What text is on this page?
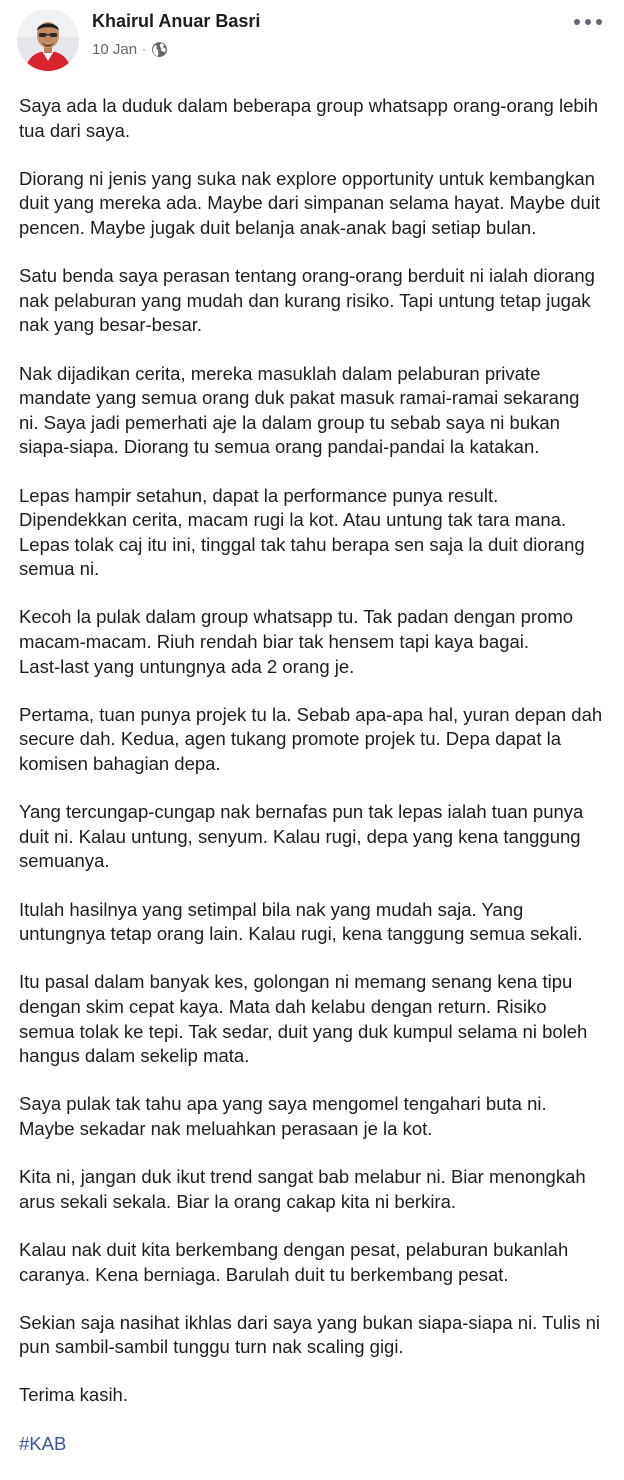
Khairul Anuar Basri
10 Jan ·

Saya ada la duduk dalam beberapa group whatsapp orang-orang lebih
tua dari saya.

Diorang ni jenis yang suka nak explore opportunity untuk kembangkan
duit yang mereka ada. Maybe dari simpanan selama hayat. Maybe duit
pencen. Maybe jugak duit belanja anak-anak bagi setiap bulan.

Satu benda saya perasan tentang orang-orang berduit ni ialah diorang
nak pelaburan yang mudah dan kurang risiko. Tapi untung tetap jugak
nak yang besar-besar.

Nak dijadikan cerita, mereka masuklah dalam pelaburan private
mandate yang semua orang duk pakat masuk ramai-ramai sekarang
ni. Saya jadi pemerhati aje la dalam group tu sebab saya ni bukan
siapa-siapa. Diorang tu semua orang pandai-pandai la katakan.

Lepas hampir setahun, dapat la performance punya result.
Dipendekkan cerita, macam rugi la kot. Atau untung tak tara mana.
Lepas tolak caj itu ini, tinggal tak tahu berapa sen saja la duit diorang
semua ni.

Kecoh la pulak dalam group whatsapp tu. Tak padan dengan promo
macam-macam. Riuh rendah biar tak hensem tapi kaya bagai.
Last-last yang untungnya ada 2 orang je.

Pertama, tuan punya projek tu la. Sebab apa-apa hal, yuran depan dah
secure dah. Kedua, agen tukang promote projek tu. Depa dapat la
komisen bahagian depa.

Yang tercungap-cungap nak bernafas pun tak lepas ialah tuan punya
duit ni. Kalau untung, senyum. Kalau rugi, depa yang kena tanggung
semuanya.

Itulah hasilnya yang setimpal bila nak yang mudah saja. Yang
untungnya tetap orang lain. Kalau rugi, kena tanggung semua sekali.

Itu pasal dalam banyak kes, golongan ni memang senang kena tipu
dengan skim cepat kaya. Mata dah kelabu dengan return. Risiko
semua tolak ke tepi. Tak sedar, duit yang duk kumpul selama ni boleh
hangus dalam sekelip mata.

Saya pulak tak tahu apa yang saya mengomel tengahari buta ni.
Maybe sekadar nak meluahkan perasaan je la kot.

Kita ni, jangan duk ikut trend sangat bab melabur ni. Biar menongkah
arus sekali sekala. Biar la orang cakap kita ni berkira.

Kalau nak duit kita berkembang dengan pesat, pelaburan bukanlah
caranya. Kena berniaga. Barulah duit tu berkembang pesat.

Sekian saja nasihat ikhlas dari saya yang bukan siapa-siapa ni. Tulis ni
pun sambil-sambil tunggu turn nak scaling gigi.

Terima kasih.

#KAB
